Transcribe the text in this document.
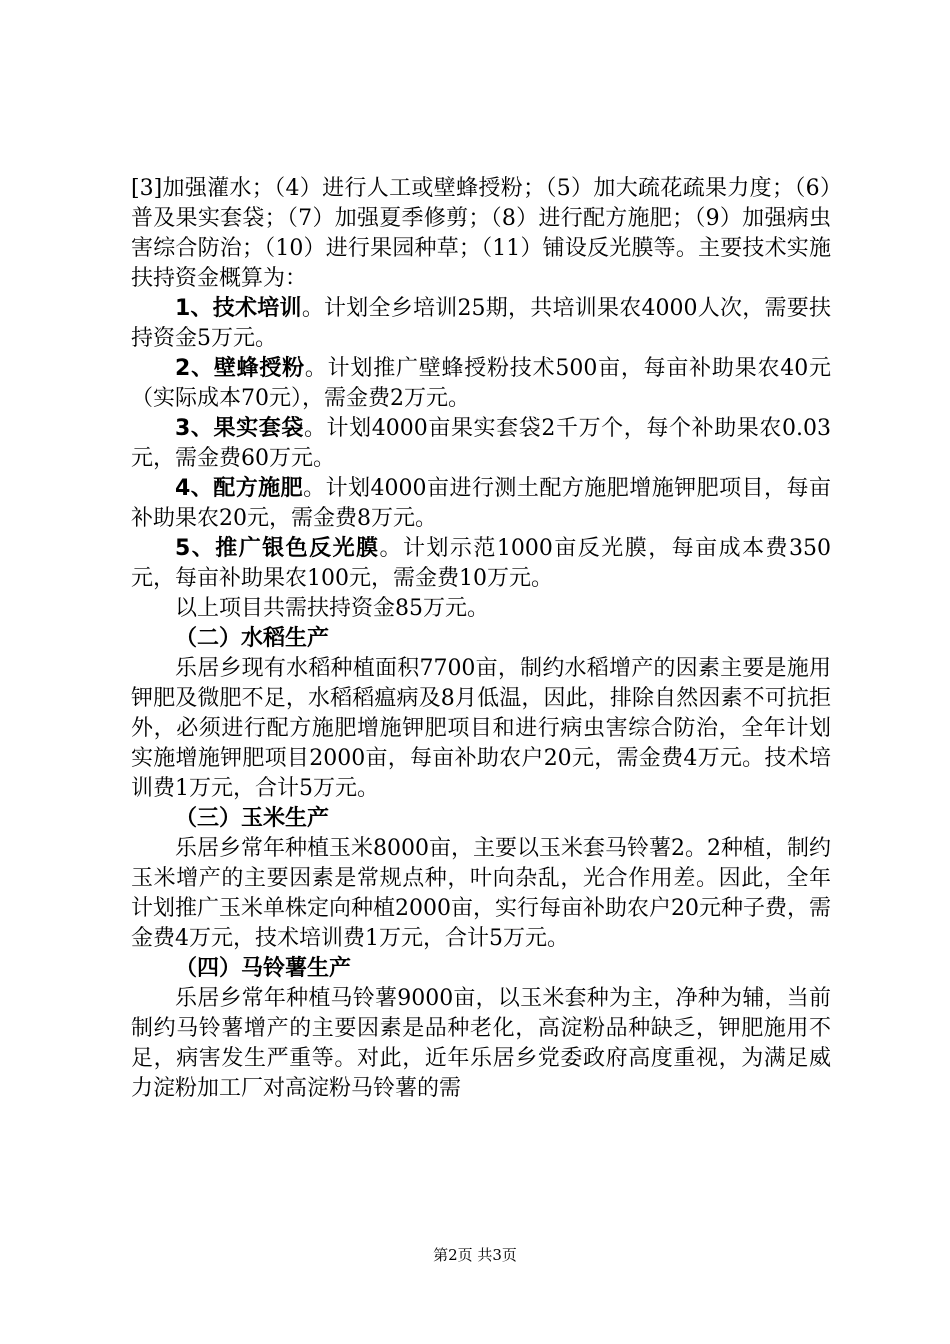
[3]加强灌水；（4）进行人工或壁蜂授粉；（5）加大疏花疏果力度；（6）普及果实套袋；（7）加强夏季修剪；（8）进行配方施肥；（9）加强病虫害综合防治；（10）进行果园种草；（11）铺设反光膜等。主要技术实施扶持资金概算为：

1、技术培训。计划全乡培训25期，共培训果农4000人次，需要扶持资金5万元。

2、壁蜂授粉。计划推广壁蜂授粉技术500亩，每亩补助果农40元（实际成本70元），需金费2万元。

3、果实套袋。计划4000亩果实套袋2千万个，每个补助果农0.03元，需金费60万元。

4、配方施肥。计划4000亩进行测土配方施肥增施钾肥项目，每亩补助果农20元，需金费8万元。

5、推广银色反光膜。计划示范1000亩反光膜，每亩成本费350元，每亩补助果农100元，需金费10万元。

以上项目共需扶持资金85万元。

（二）水稻生产

乐居乡现有水稻种植面积7700亩，制约水稻增产的因素主要是施用钾肥及微肥不足，水稻稻瘟病及8月低温，因此，排除自然因素不可抗拒外，必须进行配方施肥增施钾肥项目和进行病虫害综合防治，全年计划实施增施钾肥项目2000亩，每亩补助农户20元，需金费4万元。技术培训费1万元，合计5万元。

（三）玉米生产

乐居乡常年种植玉米8000亩，主要以玉米套马铃薯2。2种植，制约玉米增产的主要因素是常规点种，叶向杂乱，光合作用差。因此，全年计划推广玉米单株定向种植2000亩，实行每亩补助农户20元种子费，需金费4万元，技术培训费1万元，合计5万元。

（四）马铃薯生产

乐居乡常年种植马铃薯9000亩，以玉米套种为主，净种为辅，当前制约马铃薯增产的主要因素是品种老化，高淀粉品种缺乏，钾肥施用不足，病害发生严重等。对此，近年乐居乡党委政府高度重视，为满足威力淀粉加工厂对高淀粉马铃薯的需

第2页 共3页
